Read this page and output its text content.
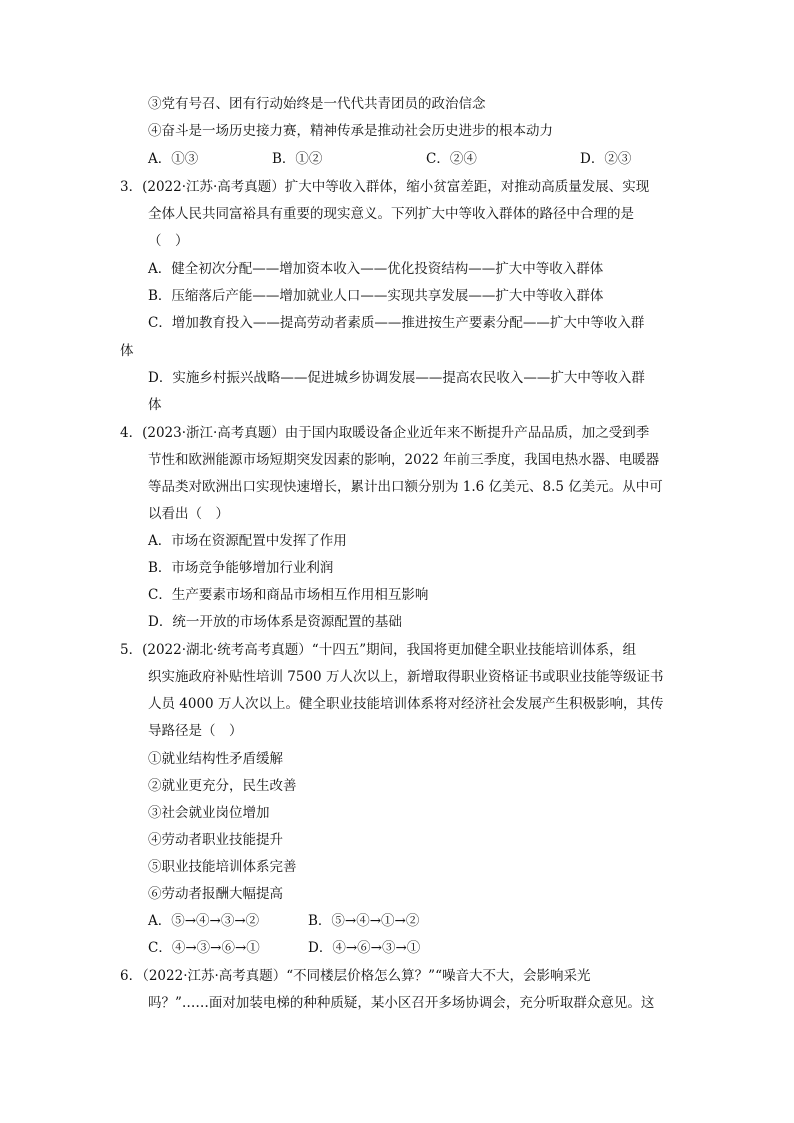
③党有号召、团有行动始终是一代代共青团员的政治信念
④奋斗是一场历史接力赛，精神传承是推动社会历史进步的根本动力
A．①③	B．①②	C．②④	D．②③
3．(2022·江苏·高考真题）扩大中等收入群体，缩小贫富差距，对推动高质量发展、实现
全体人民共同富裕具有重要的现实意义。下列扩大中等收入群体的路径中合理的是
（　）
A．健全初次分配——增加资本收入——优化投资结构——扩大中等收入群体
B．压缩落后产能——增加就业人口——实现共享发展——扩大中等收入群体
C．增加教育投入——提高劳动者素质——推进按生产要素分配——扩大中等收入群
体
D．实施乡村振兴战略——促进城乡协调发展——提高农民收入——扩大中等收入群
体
4．(2023·浙江·高考真题）由于国内取暖设备企业近年来不断提升产品品质，加之受到季
节性和欧洲能源市场短期突发因素的影响，2022 年前三季度，我国电热水器、电暖器
等品类对欧洲出口实现快速增长，累计出口额分别为 1.6 亿美元、8.5 亿美元。从中可
以看出（　）
A．市场在资源配置中发挥了作用
B．市场竞争能够增加行业利润
C．生产要素市场和商品市场相互作用相互影响
D．统一开放的市场体系是资源配置的基础
5．(2022·湖北·统考高考真题）“十四五”期间，我国将更加健全职业技能培训体系，组
织实施政府补贴性培训 7500 万人次以上，新增取得职业资格证书或职业技能等级证书
人员 4000 万人次以上。健全职业技能培训体系将对经济社会发展产生积极影响，其传
导路径是（　）
①就业结构性矛盾缓解
②就业更充分，民生改善
③社会就业岗位增加
④劳动者职业技能提升
⑤职业技能培训体系完善
⑥劳动者报酬大幅提高
A．⑤→④→③→②	B．⑤→④→①→②
C．④→③→⑥→①	D．④→⑥→③→①
6．（2022·江苏·高考真题）“不同楼层价格怎么算？”“噪音大不大，会影响采光
吗？”……面对加装电梯的种种质疑，某小区召开多场协调会，充分听取群众意见。这
